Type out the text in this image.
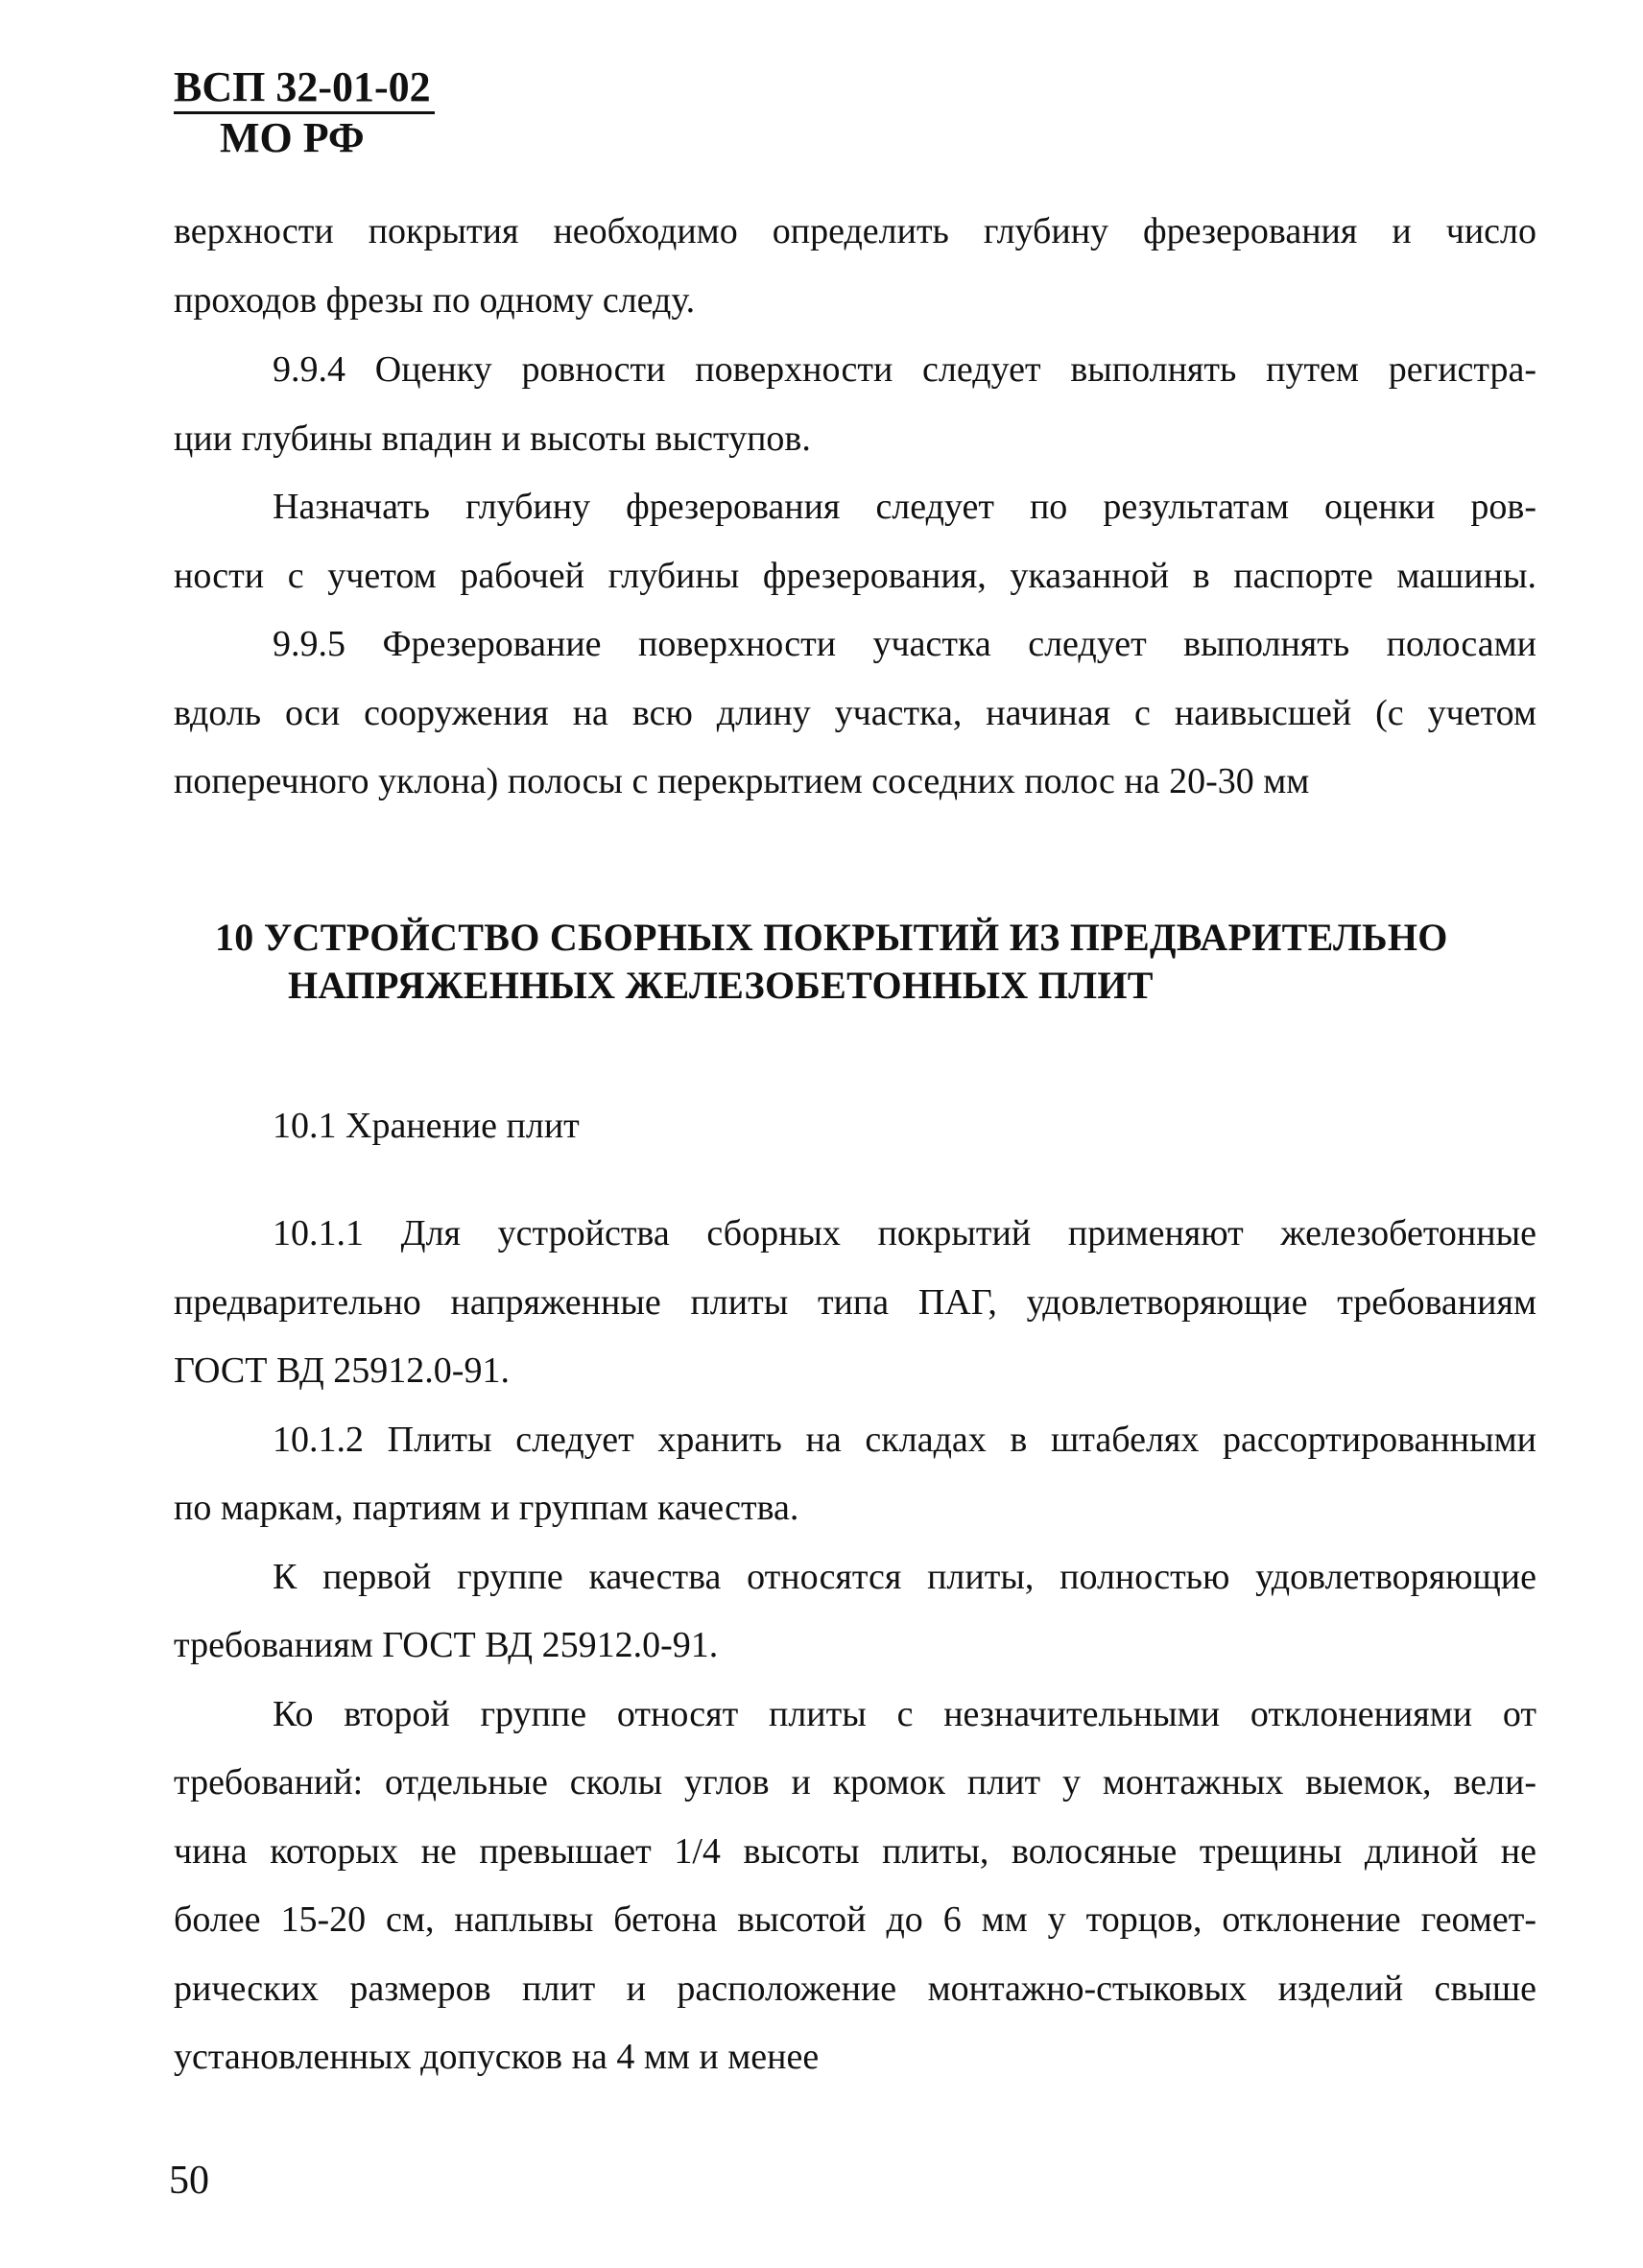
ВСП 32-01-02
МО РФ
верхности покрытия необходимо определить глубину фрезерования и число
проходов фрезы по одному следу.
9.9.4 Оценку ровности поверхности следует выполнять путем регистра-
ции глубины впадин и высоты выступов.
Назначать глубину фрезерования следует по результатам оценки ров-
ности с учетом рабочей глубины фрезерования, указанной в паспорте машины.
9.9.5 Фрезерование поверхности участка следует выполнять полосами
вдоль оси сооружения на всю длину участка, начиная с наивысшей (с учетом
поперечного уклона) полосы с перекрытием соседних полос на 20-30 мм
10 УСТРОЙСТВО СБОРНЫХ ПОКРЫТИЙ ИЗ ПРЕДВАРИТЕЛЬНО
НАПРЯЖЕННЫХ ЖЕЛЕЗОБЕТОННЫХ ПЛИТ
10.1 Хранение плит
10.1.1 Для устройства сборных покрытий применяют железобетонные
предварительно напряженные плиты типа ПАГ, удовлетворяющие требованиям
ГОСТ ВД 25912.0-91.
10.1.2 Плиты следует хранить на складах в штабелях рассортированными
по маркам, партиям и группам качества.
К первой группе качества относятся плиты, полностью удовлетворяющие
требованиям ГОСТ ВД 25912.0-91.
Ко второй группе относят плиты с незначительными отклонениями от
требований: отдельные сколы углов и кромок плит у монтажных выемок, вели-
чина которых не превышает 1/4 высоты плиты, волосяные трещины длиной не
более 15-20 см, наплывы бетона высотой до 6 мм у торцов, отклонение геомет-
рических размеров плит и расположение монтажно-стыковых изделий свыше
установленных допусков на 4 мм и менее
50
